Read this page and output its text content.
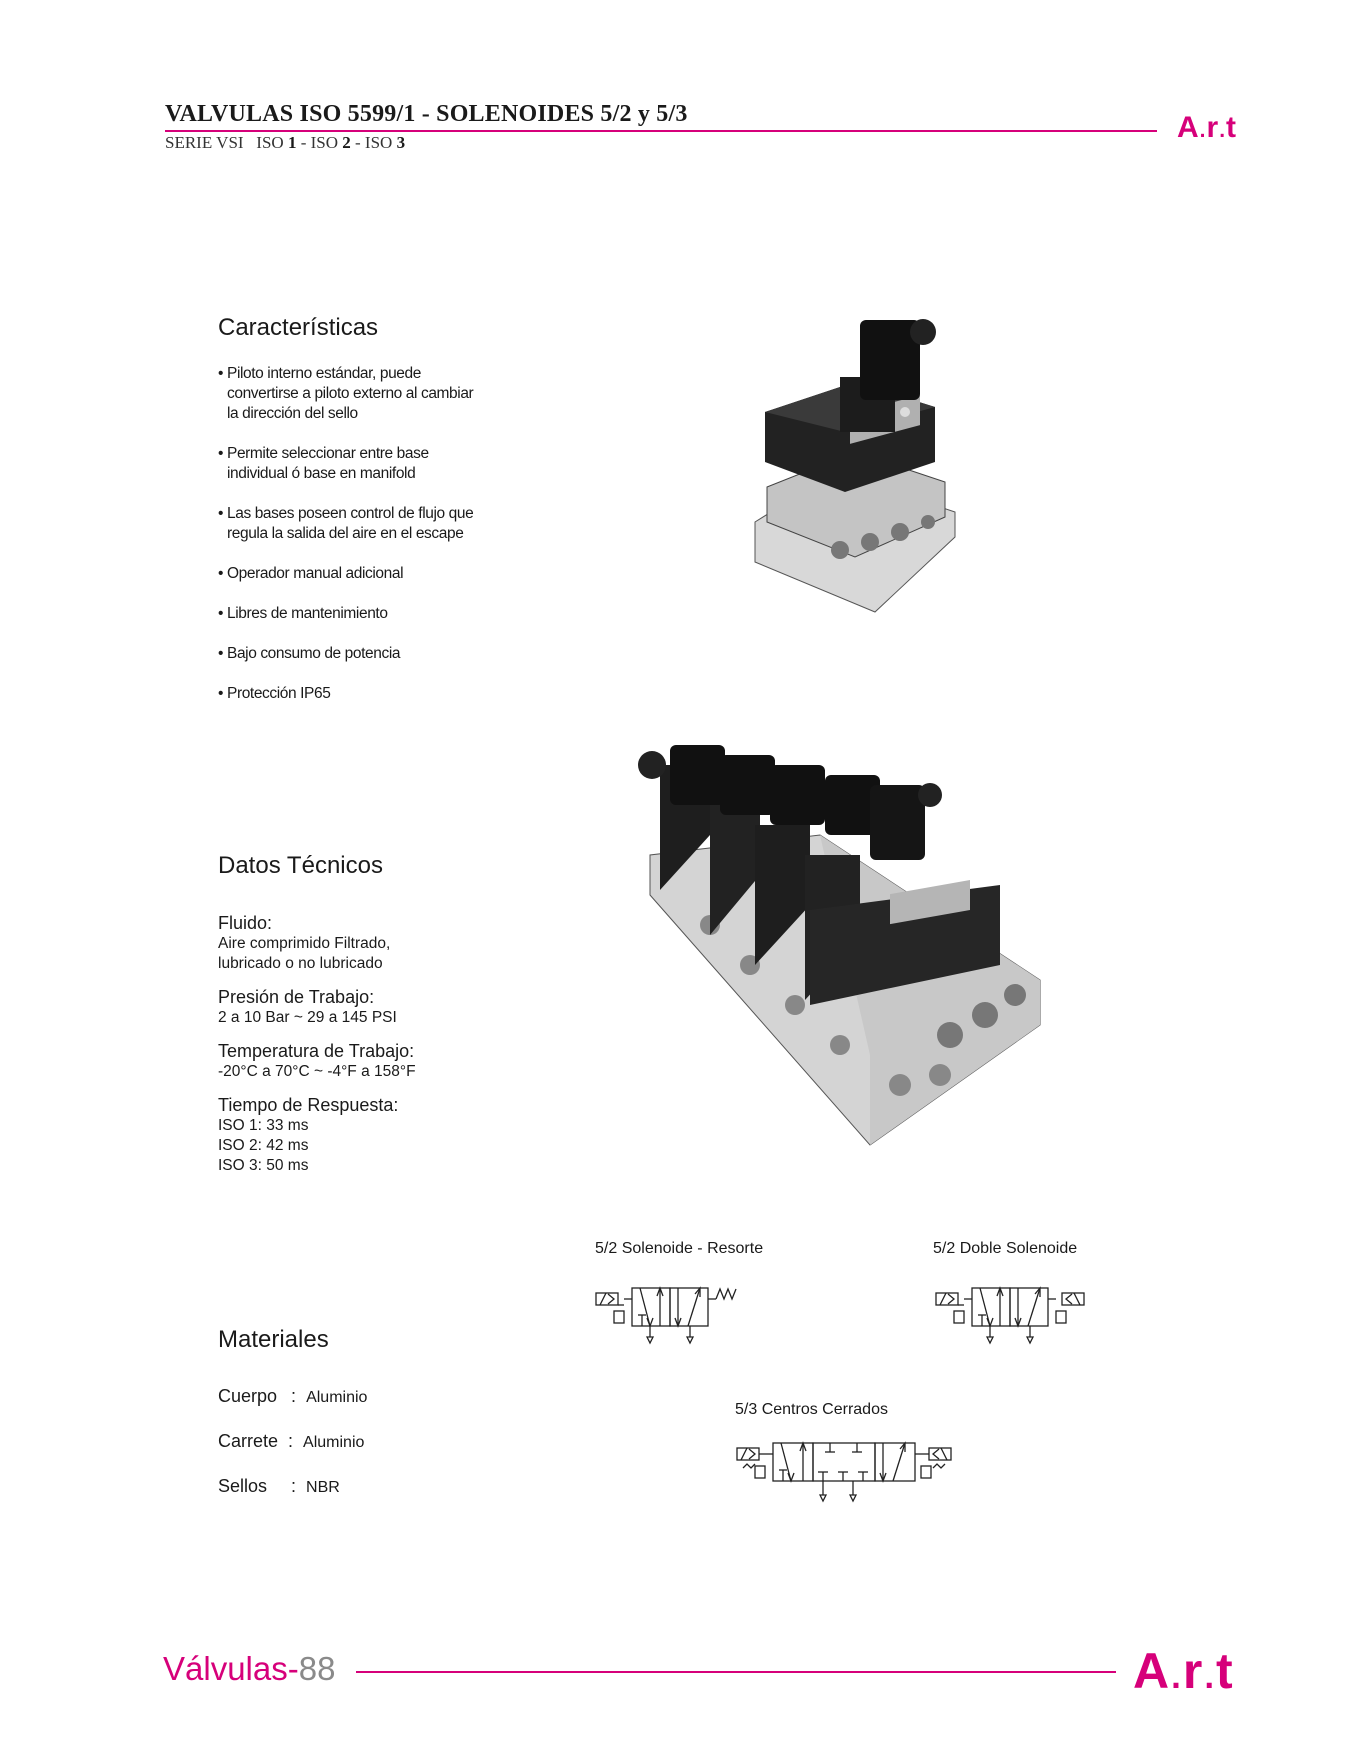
VALVULAS ISO 5599/1 - SOLENOIDES 5/2 y 5/3
SERIE VSI   ISO 1 - ISO 2 - ISO 3	A.r.t
Características
• Piloto interno estándar, puede convertirse a piloto externo al cambiar la dirección del sello
• Permite seleccionar entre base individual ó base en manifold
• Las bases poseen control de flujo que regula la salida del aire en el escape
• Operador manual adicional
• Libres de mantenimiento
• Bajo consumo de potencia
• Protección IP65
Datos Técnicos
Fluido:
Aire comprimido Filtrado,
lubricado o no lubricado
Presión de Trabajo:
2 a 10 Bar ~ 29 a 145 PSI
Temperatura de Trabajo:
-20°C a 70°C ~ -4°F a 158°F
Tiempo de Respuesta:
ISO 1: 33 ms
ISO 2: 42 ms
ISO 3: 50 ms
Materiales
Cuerpo : Aluminio
Carrete : Aluminio
Sellos : NBR
5/2 Solenoide - Resorte	5/2 Doble Solenoide
5/3 Centros Cerrados
Válvulas-88	A.r.t
